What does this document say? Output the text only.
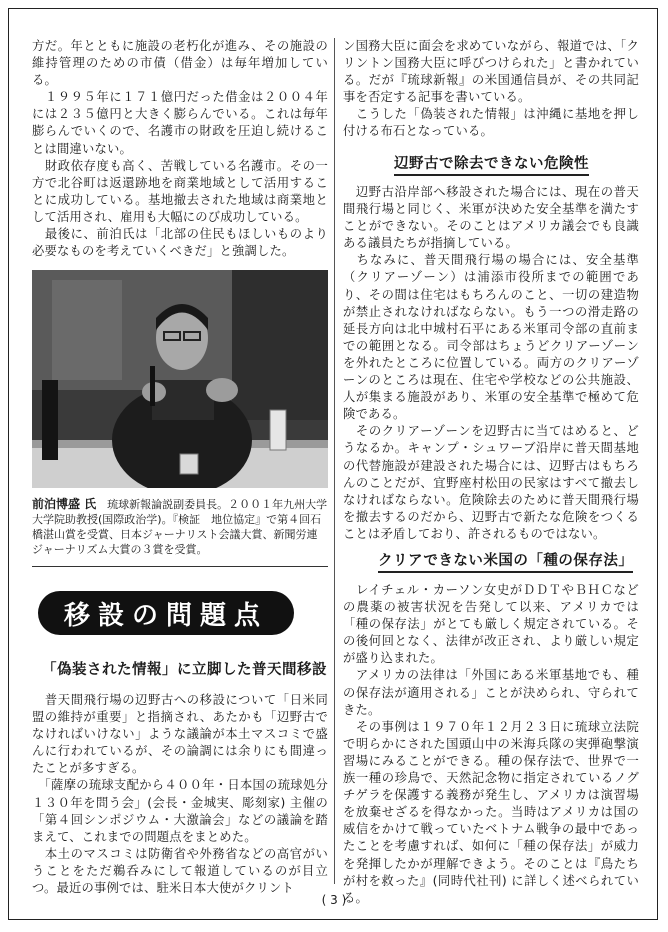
方だ。年とともに施設の老朽化が進み、その施設の維持管理のための市債（借金）は毎年増加している。

　１９９５年に１７１億円だった借金は２００４年には２３５億円と大きく膨らんでいる。これは毎年膨らんでいくので、名護市の財政を圧迫し続けることは間違いない。

　財政依存度も高く、苦戦している名護市。その一方で北谷町は返還跡地を商業地域として活用することに成功している。基地撤去された地域は商業地として活用され、雇用も大幅にのび成功している。

　最後に、前泊氏は「北部の住民もほしいものより必要なものを考えていくべきだ」と強調した。

前泊博盛 氏　琉球新報論説副委員長。２００１年九州大学大学院助教授(国際政治学)。『検証　地位協定』で第４回石橋湛山賞を受賞、日本ジャーナリスト会議大賞、新聞労連ジャーナリズム大賞の３賞を受賞。
移設の問題点
「偽装された情報」に立脚した普天間移設

　普天間飛行場の辺野古への移設について「日米同盟の維持が重要」と指摘され、あたかも「辺野古でなければいけない」ような議論が本土マスコミで盛んに行われているが、その論調には余りにも間違ったことが多すぎる。

　「薩摩の琉球支配から４００年・日本国の琉球処分１３０年を問う会」(会長・金城実、彫刻家) 主催の「第４回シンポジウム・大激論会」などの議論を踏まえて、これまでの問題点をまとめた。

　本土のマスコミは防衛省や外務省などの高官がいうことをただ鵜呑みにして報道しているのが目立つ。最近の事例では、駐米日本大使がクリント

ン国務大臣に面会を求めていながら、報道では、「クリントン国務大臣に呼びつけられた」と書かれている。だが『琉球新報』の米国通信員が、その共同記事を否定する記事を書いている。

　こうした「偽装された情報」は沖縄に基地を押し付ける布石となっている。

辺野古で除去できない危険性

　辺野古沿岸部へ移設された場合には、現在の普天間飛行場と同じく、米軍が決めた安全基準を満たすことができない。そのことはアメリカ議会でも良識ある議員たちが指摘している。

　ちなみに、普天間飛行場の場合には、安全基準（クリアーゾーン）は浦添市役所までの範囲であり、その間は住宅はもちろんのこと、一切の建造物が禁止されなければならない。もう一つの滑走路の延長方向は北中城村石平にある米軍司令部の直前までの範囲となる。司令部はちょうどクリアーゾーンを外れたところに位置している。両方のクリアーゾーンのところは現在、住宅や学校などの公共施設、人が集まる施設があり、米軍の安全基準で極めて危険である。

　そのクリアーゾーンを辺野古に当てはめると、どうなるか。キャンプ・シュワーブ沿岸に普天間基地の代替施設が建設された場合には、辺野古はもちろんのことだが、宜野座村松田の民家はすべて撤去しなければならない。危険除去のために普天間飛行場を撤去するのだから、辺野古で新たな危険をつくることは矛盾しており、許されるものではない。

クリアできない米国の「種の保存法」

　レイチェル・カーソン女史がＤＤＴやＢＨＣなどの農薬の被害状況を告発して以来、アメリカでは「種の保存法」がとても厳しく規定されている。その後何回となく、法律が改正され、より厳しい規定が盛り込まれた。

　アメリカの法律は「外国にある米軍基地でも、種の保存法が適用される」ことが決められ、守られてきた。

　その事例は１９７０年１２月２３日に琉球立法院で明らかにされた国頭山中の米海兵隊の実弾砲撃演習場にみることができる。種の保存法で、世界で一族一種の珍鳥で、天然記念物に指定されているノグチゲラを保護する義務が発生し、アメリカは演習場を放棄せざるを得なかった。当時はアメリカは国の威信をかけて戦っていたベトナム戦争の最中であったことを考慮すれば、如何に「種の保存法」が威力を発揮したかが理解できよう。そのことは『鳥たちが村を救った』(同時代社刊) に詳しく述べられている。

( 3 )
